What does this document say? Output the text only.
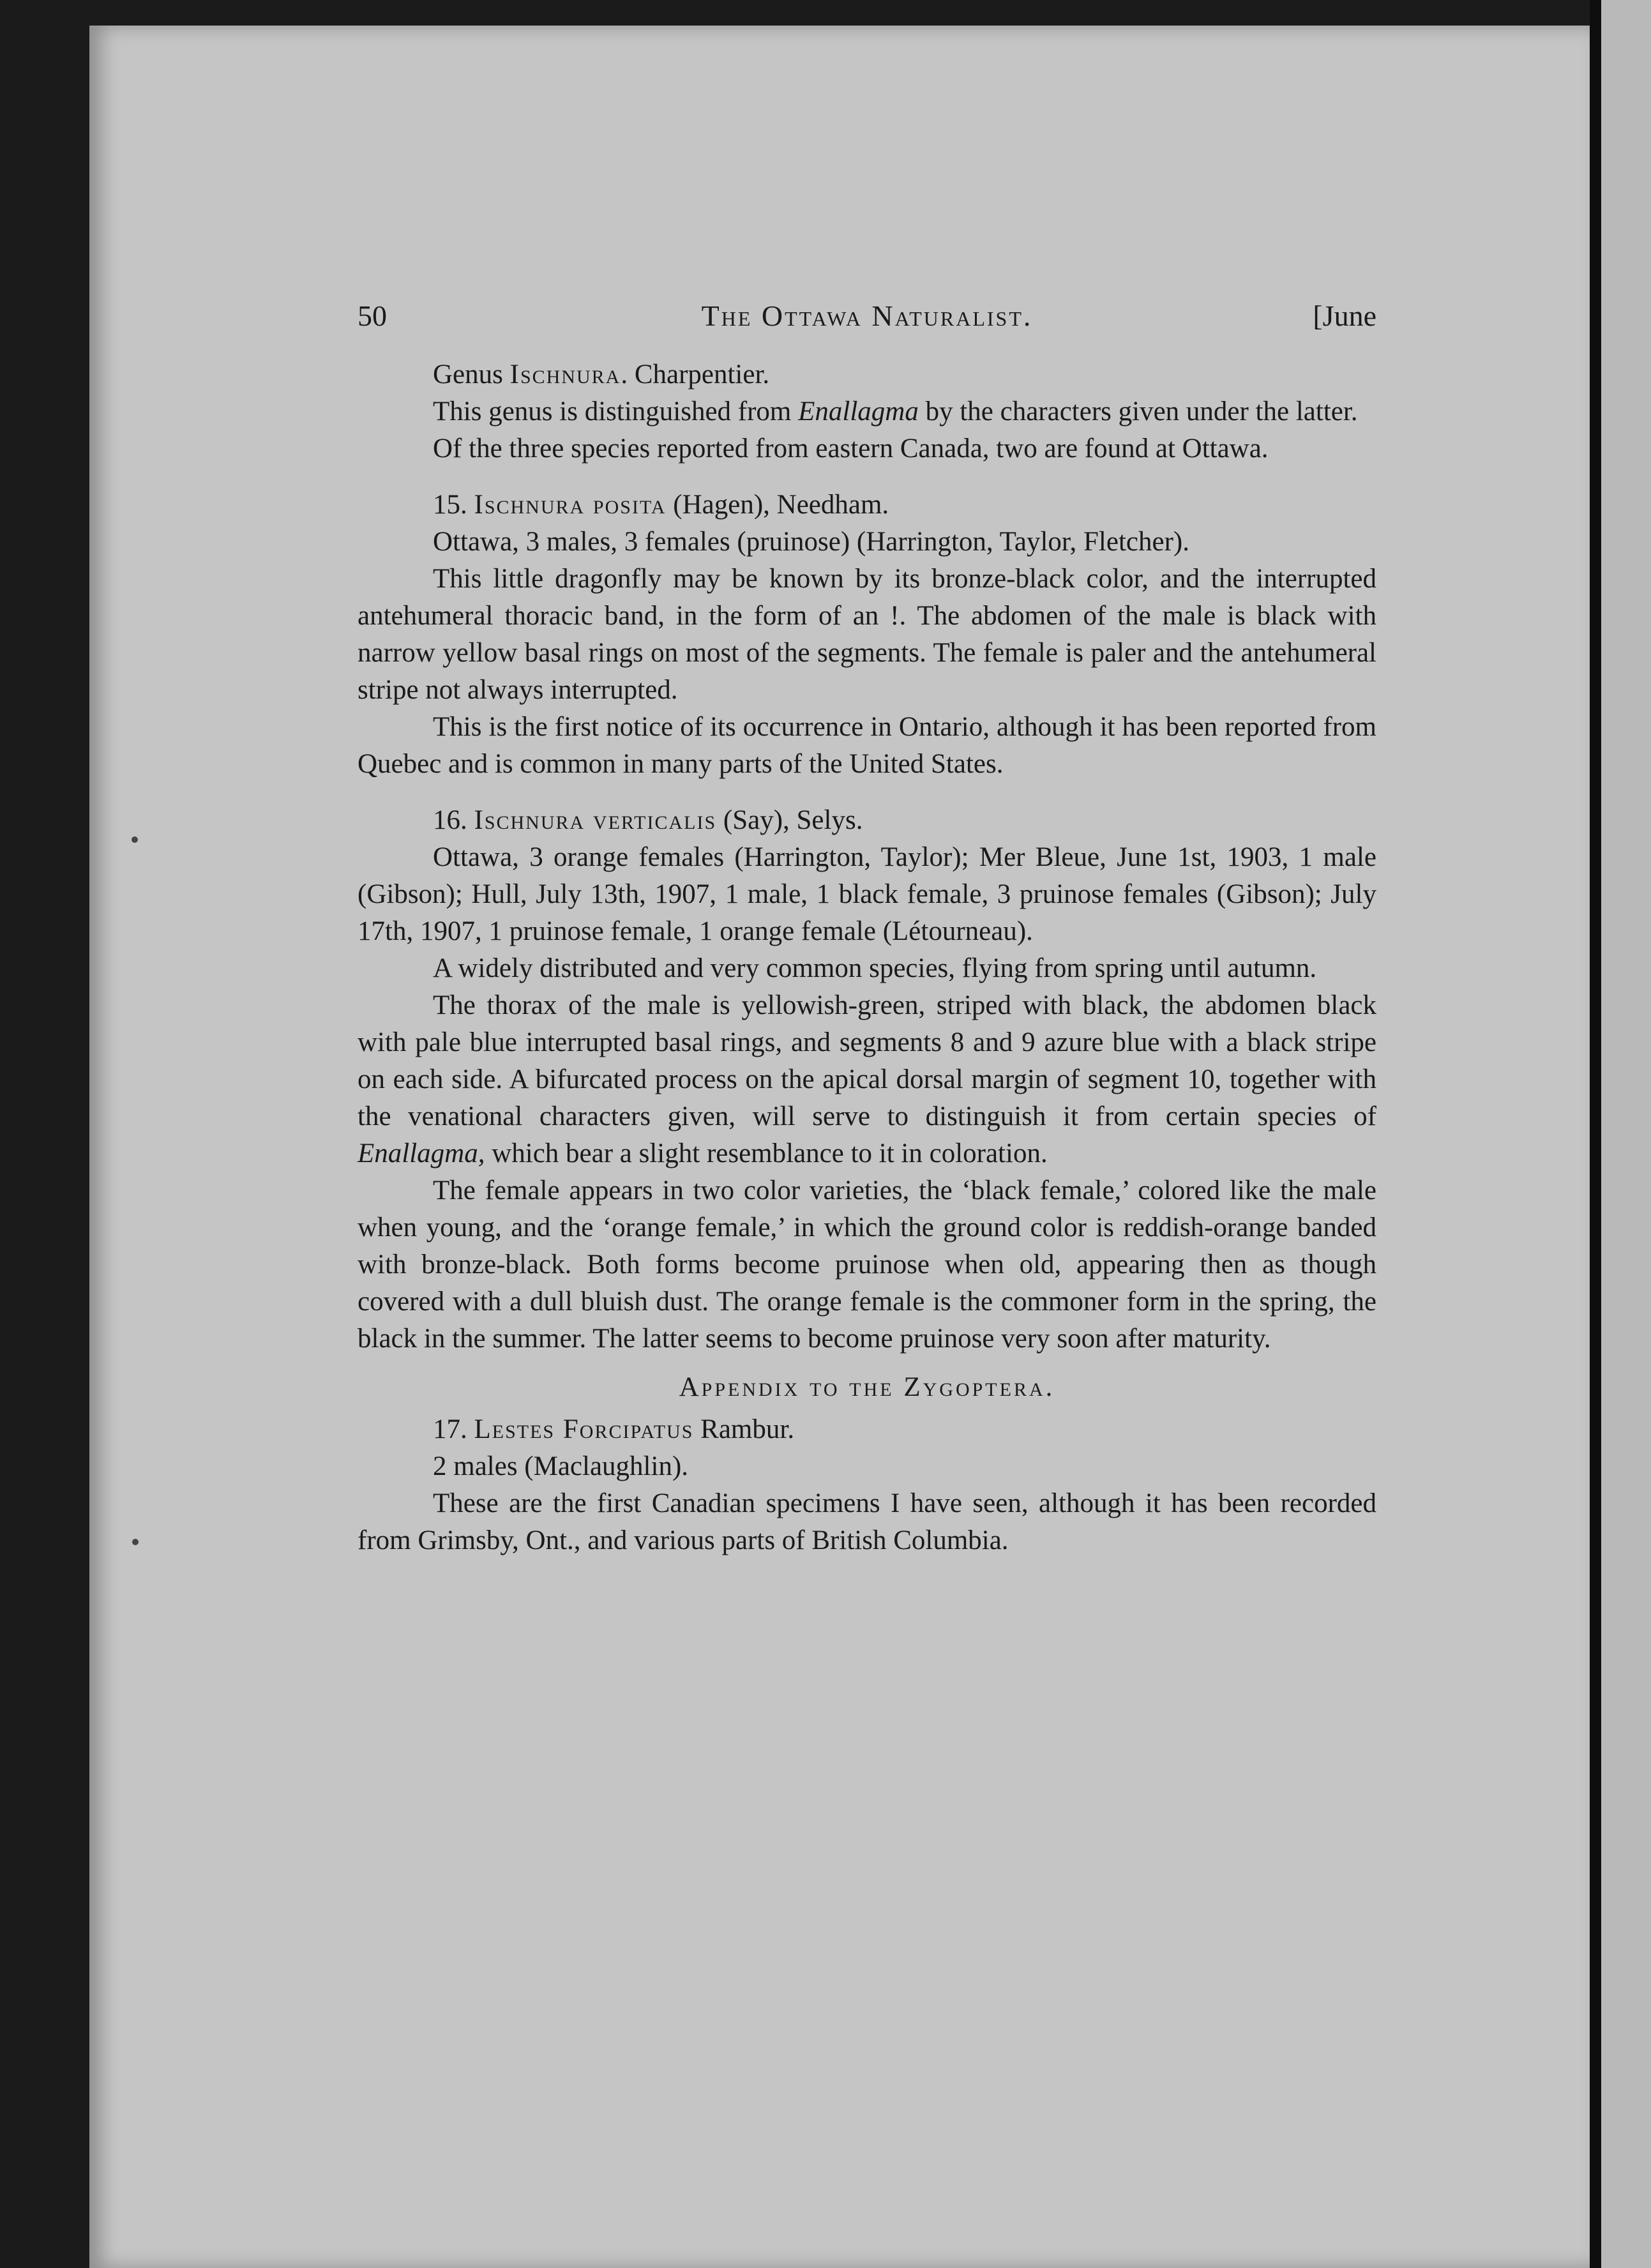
50	The Ottawa Naturalist.	[June
Genus Ischnura. Charpentier.

This genus is distinguished from Enallagma by the characters given under the latter.

Of the three species reported from eastern Canada, two are found at Ottawa.

15. Ischnura posita (Hagen), Needham.

Ottawa, 3 males, 3 females (pruinose) (Harrington, Taylor, Fletcher).

This little dragonfly may be known by its bronze-black color, and the interrupted antehumeral thoracic band, in the form of an !. The abdomen of the male is black with narrow yellow basal rings on most of the segments. The female is paler and the antehumeral stripe not always interrupted.

This is the first notice of its occurrence in Ontario, although it has been reported from Quebec and is common in many parts of the United States.

16. Ischnura verticalis (Say), Selys.

Ottawa, 3 orange females (Harrington, Taylor); Mer Bleue, June 1st, 1903, 1 male (Gibson); Hull, July 13th, 1907, 1 male, 1 black female, 3 pruinose females (Gibson); July 17th, 1907, 1 pruinose female, 1 orange female (Létourneau).

A widely distributed and very common species, flying from spring until autumn.

The thorax of the male is yellowish-green, striped with black, the abdomen black with pale blue interrupted basal rings, and segments 8 and 9 azure blue with a black stripe on each side. A bifurcated process on the apical dorsal margin of segment 10, together with the venational characters given, will serve to distinguish it from certain species of Enallagma, which bear a slight resemblance to it in coloration.

The female appears in two color varieties, the ‘black female,’ colored like the male when young, and the ‘orange female,’ in which the ground color is reddish-orange banded with bronze-black. Both forms become pruinose when old, appearing then as though covered with a dull bluish dust. The orange female is the commoner form in the spring, the black in the summer. The latter seems to become pruinose very soon after maturity.

Appendix to the Zygoptera.

17. Lestes Forcipatus Rambur.

2 males (Maclaughlin).

These are the first Canadian specimens I have seen, although it has been recorded from Grimsby, Ont., and various parts of British Columbia.
